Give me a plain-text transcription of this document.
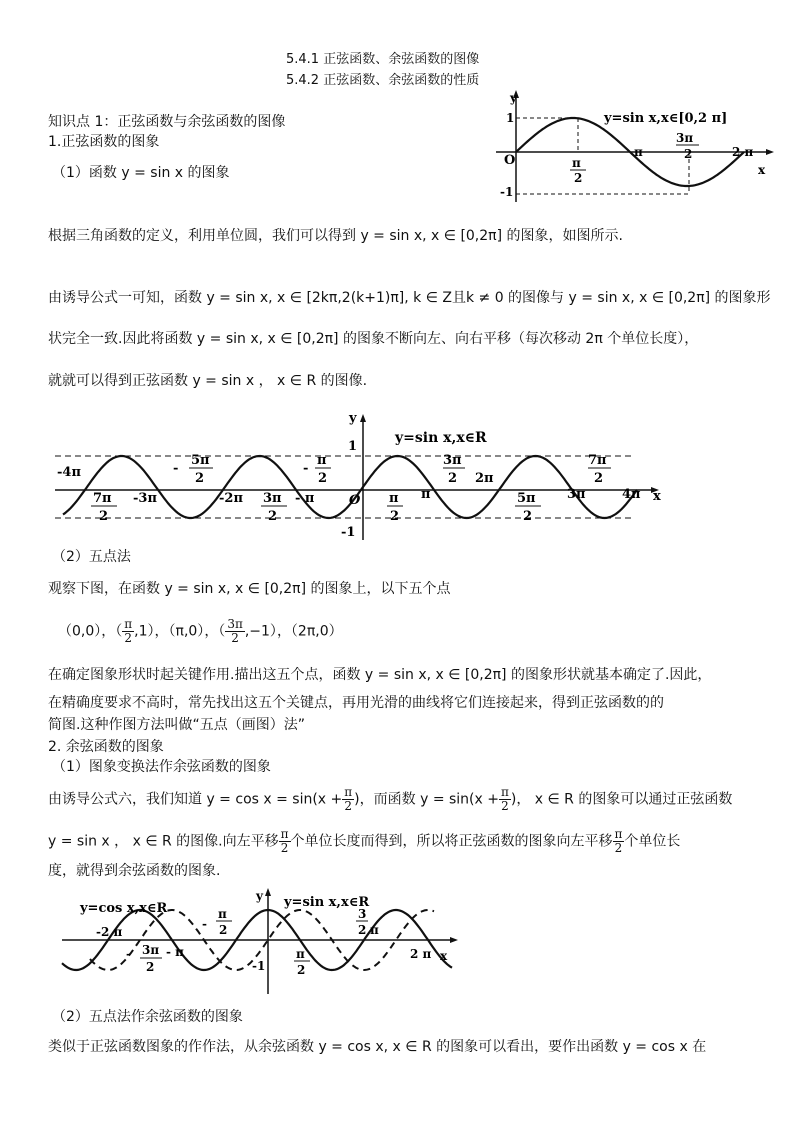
5.4.1 正弦函数、余弦函数的图像
5.4.2 正弦函数、余弦函数的性质
知识点 1：正弦函数与余弦函数的图像
1.正弦函数的图象
（1）函数 y = sin x 的图象
y
x
y=sin x,x∈[0,2 π]
O
1
-1
π
2
π
3π
2	2 π
根据三角函数的定义，利用单位圆，我们可以得到 y = sin x, x ∈ [0,2π] 的图象，如图所示.
由诱导公式一可知，函数 y = sin x, x ∈ [2kπ,2(k+1)π], k ∈ Z且k ≠ 0 的图像与 y = sin x, x ∈ [0,2π] 的图象形
状完全一致.因此将函数 y = sin x, x ∈ [0,2π] 的图象不断向左、向右平移（每次移动 2π 个单位长度），
就就可以得到正弦函数 y = sin x ， x ∈ R 的图像.
y
x
y=sin x,x∈R
1
-1
-4π	-
5π
2
-
π
2
3π
2 2π
7π
2
7π
2
-3π	-2π 3π
2
- π	O π
2
π	5π
2
3π	4π
（2）五点法
观察下图，在函数 y = sin x, x ∈ [0,2π] 的图象上，以下五个点
（0,0），（ $\frac{\pi}{2} ,1$），（π,0），（ $\frac{3\pi}{2} ,-1$），（2π,0）
在确定图象形状时起关键作用.描出这五个点，函数 y = sin x, x ∈ [0,2π] 的图象形状就基本确定了.因此，
在精确度要求不高时，常先找出这五个关键点，再用光滑的曲线将它们连接起来，得到正弦函数的的
简图.这种作图方法叫做“五点（画图）法”
2. 余弦函数的图象
（1）图象变换法作余弦函数的图象
由诱导公式六，我们知道 $y = \cos x = \sin(x + \frac{\pi}{2}$ )，而函数 $y = \sin(x + \frac{\pi}{2}$ )， x ∈ R 的图象可以通过正弦函数
y = sin x ， x ∈ R 的图像.向左平移 $\frac{\pi}{2}$ 个单位长度而得到，所以将正弦函数的图象向左平移 $\frac{\pi}{2}$ 个单位长
度，就得到余弦函数的图象.
y
x
y=cos x,x∈R	y=sin x,x∈R
-2 π
-
π
2
3
2 π
- 3π
2
- π
-1
π
2
2 π
（2）五点法作余弦函数的图象
类似于正弦函数图象的作作法，从余弦函数 y = cos x, x ∈ R 的图象可以看出，要作出函数 y = cos x 在
